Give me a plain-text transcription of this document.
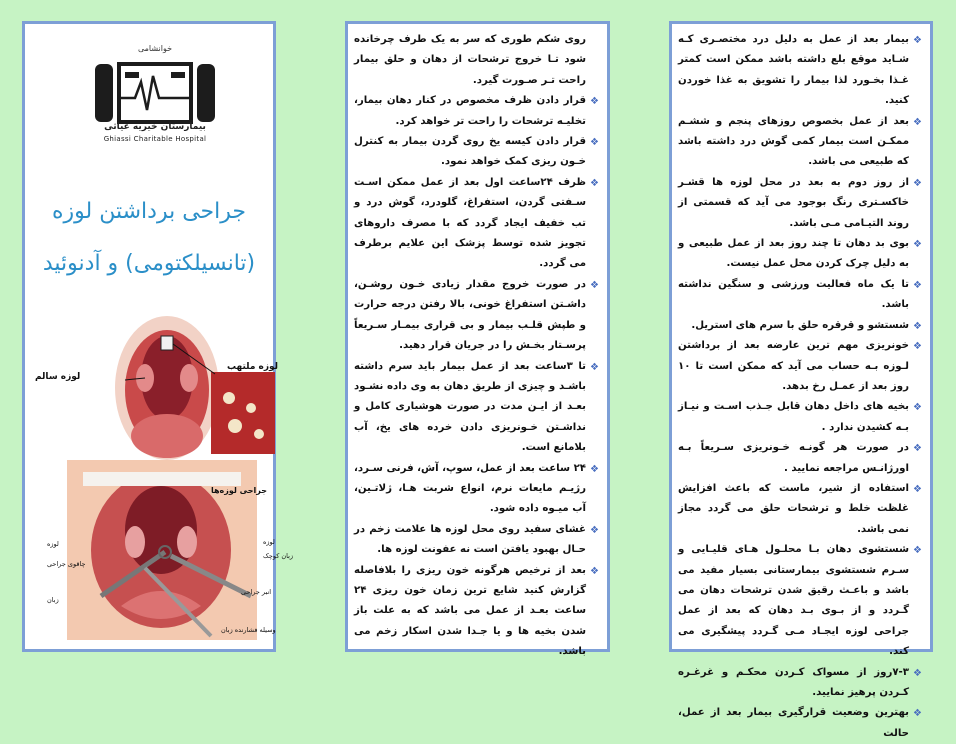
خوانشامی
بیمارستان خیریه غیاثی
Ghiassi Charitable Hospital
جراحی برداشتن لوزه
(تانسیلکتومی) و آدنوئید
لوزه ملتهب
لوزه سالم
جراحی لوزه‌ها
لوزه
چاقوی جراحی
زبان
لوزه
زبان کوچک
انبر جراحی
وسیله فشارنده زبان
روی شکم طوری که سر به یک طرف چرخانده شود تـا خروج ترشحات از دهان و حلق بیمار راحت تـر صـورت گیرد.
❖
قرار دادن ظرف مخصوص در کنار دهان بیمار، تخلیـه ترشحات را راحت تر خواهد کرد.
❖
قرار دادن کیسه یخ روی گردن بیمار به کنترل خـون ریزی کمک خواهد نمود.
❖
ظرف ۲۴ساعت اول بعد از عمل ممکن اسـت سـفتی گردن، استفراغ، گلودرد، گوش درد و تب خفیف ایجاد گردد که با مصرف داروهای تجویز شده توسط پزشک این علایم برطرف می گردد.
❖
در صورت خروج مقدار زیادی خـون روشـن، داشـتن استفراغ خونی، بالا رفتن درجه حرارت و طپش قلـب بیمار و بی قراری بیمـار سـریعاً پرسـتار بخـش را در جریان قرار دهید.
❖
تا ۳ساعت بعد از عمل بیمار باید سرم داشته باشـد و چیزی از طریق دهان به وی داده نشـود بعـد از ایـن مدت در صورت هوشیاری کامل و نداشـتن خـونریزی دادن خرده های یخ، آب بلامانع است.
❖
۲۴ ساعت بعد از عمل، سوپ، آش، فرنی سـرد، رژیـم مایعات نرم، انواع شربت هـا، ژلاتـین، آب میـوه داده شود.
❖
غشای سفید روی محل لوزه ها علامت زخم در حـال بهبود یافتن است نه عفونت لوزه ها.
❖
بعد از ترخیص هرگونه خون ریزی را بلافاصله گزارش کنید شایع ترین زمان خون ریزی ۲۴ ساعت بعـد از عمل می باشد که به علت باز شدن بخیه ها و یا جـدا شدن اسکار زخم می باشد.
❖
بیمار بعد از عمل به دلیل درد مختصـری کـه شـاید موقع بلع داشته باشد ممکن است کمتر غـذا بخـورد لذا بیمار را تشویق به غذا خوردن کنید.
❖
بعد از عمل بخصوص روزهای پنجم و ششـم ممکـن است بیمار کمی گوش درد داشته باشد که طبیعی می باشد.
❖
از روز دوم به بعد در محل لوزه ها قشـر خاکسـتری رنگ بوجود می آید که قسمتی از روند التیـامی مـی باشد.
❖
بوی بد دهان تا چند روز بعد از عمل طبیعی و به دلیل چرک کردن محل عمل نیست.
❖
تا یک ماه فعالیت ورزشی و سنگین نداشته باشد.
❖
شستشو و قرقره حلق با سرم های استریل.
❖
خونریزی مهم ترین عارضه بعد از برداشتن لـوزه بـه حساب می آید که ممکن است تا ۱۰ روز بعد از عمـل رخ بدهد.
❖
بخیه های داخل دهان قابل جـذب اسـت و نیـاز بـه کشیدن ندارد .
❖
در صورت هر گونـه خـونریزی سـریعاً بـه اورژانـس مراجعه نمایید .
❖
استفاده از شیر، ماست که باعث افزایش غلظت خلط و ترشحات حلق می گردد مجاز نمی باشد.
❖
شستشوی دهان بـا محلـول هـای قلیـایی و سـرم شستشوی بیمارستانی بسیار مفید می باشد و باعـث رقیق شدن ترشحات دهان می گـردد و از بـوی بـد دهان که بعد از عمل جراحی لوزه ایجـاد مـی گـردد پیشگیری می کند.
❖
۷-۳روز از مسواک کـردن محکـم و غرغـره کـردن پرهیز نمایید.
❖
بهترین وضعیت قرارگیری بیمار بعد از عمل، حالت
